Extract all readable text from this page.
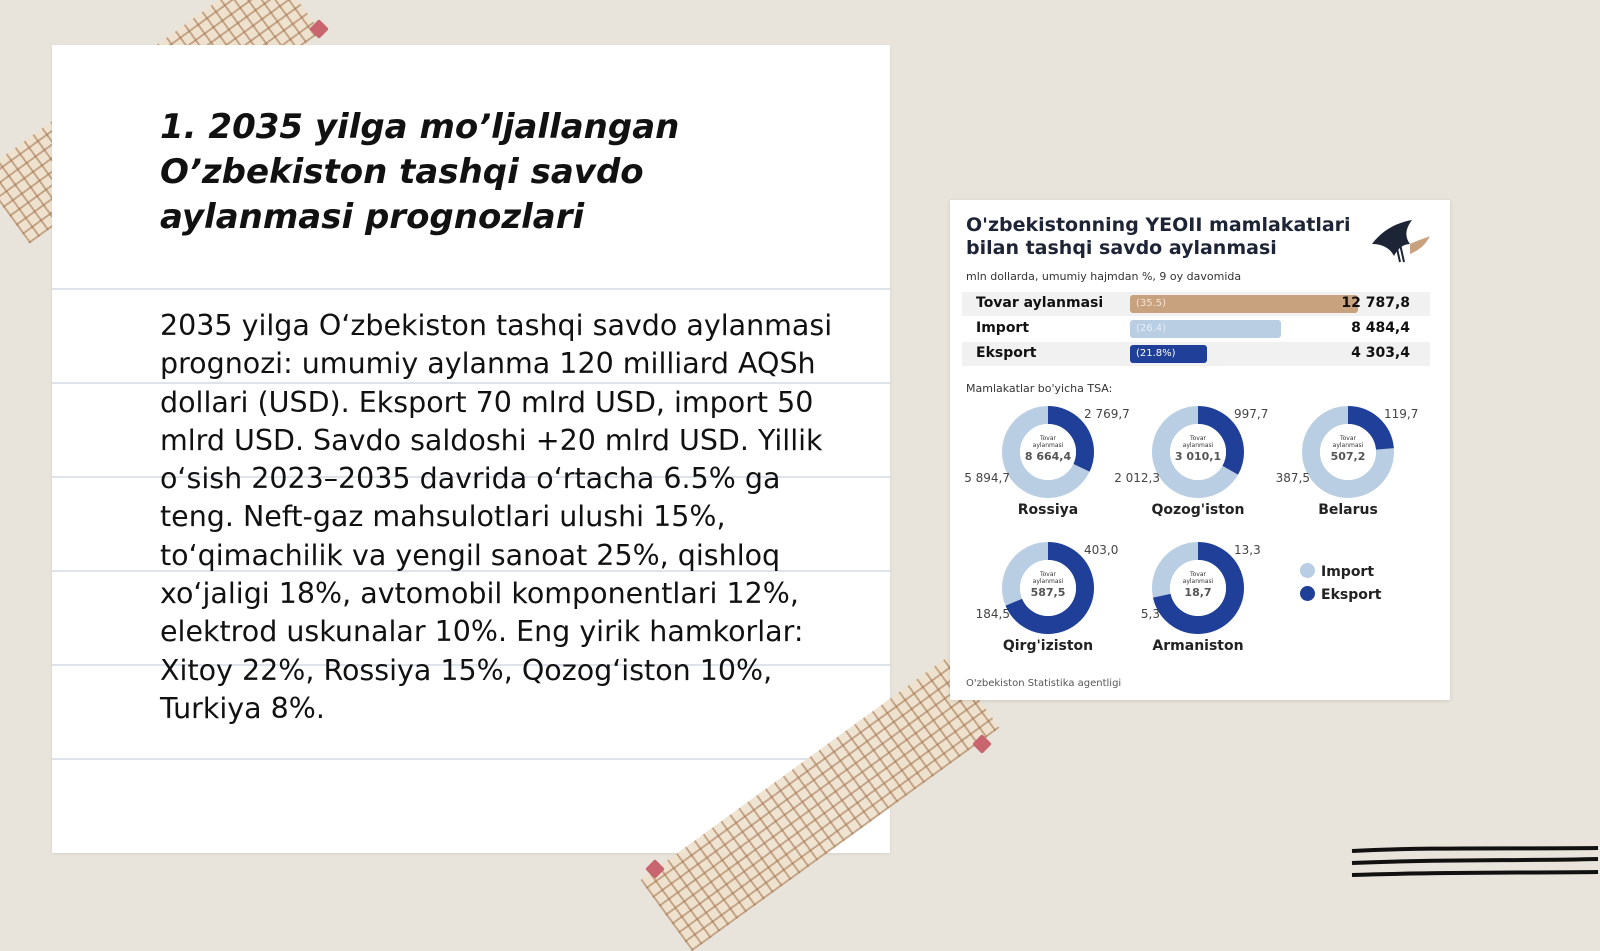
1. 2035 yilga mo’ljallangan O’zbekiston tashqi savdo aylanmasi prognozlari

2035 yilga O‘zbekiston tashqi savdo aylanmasi prognozi: umumiy aylanma 120 milliard AQSh dollari (USD). Eksport 70 mlrd USD, import 50 mlrd USD. Savdo saldoshi +20 mlrd USD. Yillik o‘sish 2023–2035 davrida o‘rtacha 6.5% ga teng. Neft-gaz mahsulotlari ulushi 15%, to‘qimachilik va yengil sanoat 25%, qishloq xo‘jaligi 18%, avtomobil komponentlari 12%, elektrod uskunalar 10%. Eng yirik hamkorlar: Xitoy 22%, Rossiya 15%, Qozog‘iston 10%, Turkiya 8%.

O'zbekistonning YEOII mamlakatlari bilan tashqi savdo aylanmasi
mln dollarda, umumiy hajmdan %, 9 oy davomida
Tovar aylanmasi	(35.5)	12 787,8
Import	(26.4)	8 484,4
Eksport	(21.8%)	4 303,4
Mamlakatlar bo'yicha TSA:
Tovar
aylanmasi
8 664,4
2 769,7
5 894,7
Rossiya
Tovar
aylanmasi
3 010,1
997,7
2 012,3
Qozog'iston
Tovar
aylanmasi
507,2
119,7
387,5
Belarus
Tovar
aylanmasi
587,5
403,0
184,5
Qirg'iziston
Tovar
aylanmasi
18,7
13,3
5,3
Armaniston
Import
Eksport
O'zbekiston Statistika agentligi
